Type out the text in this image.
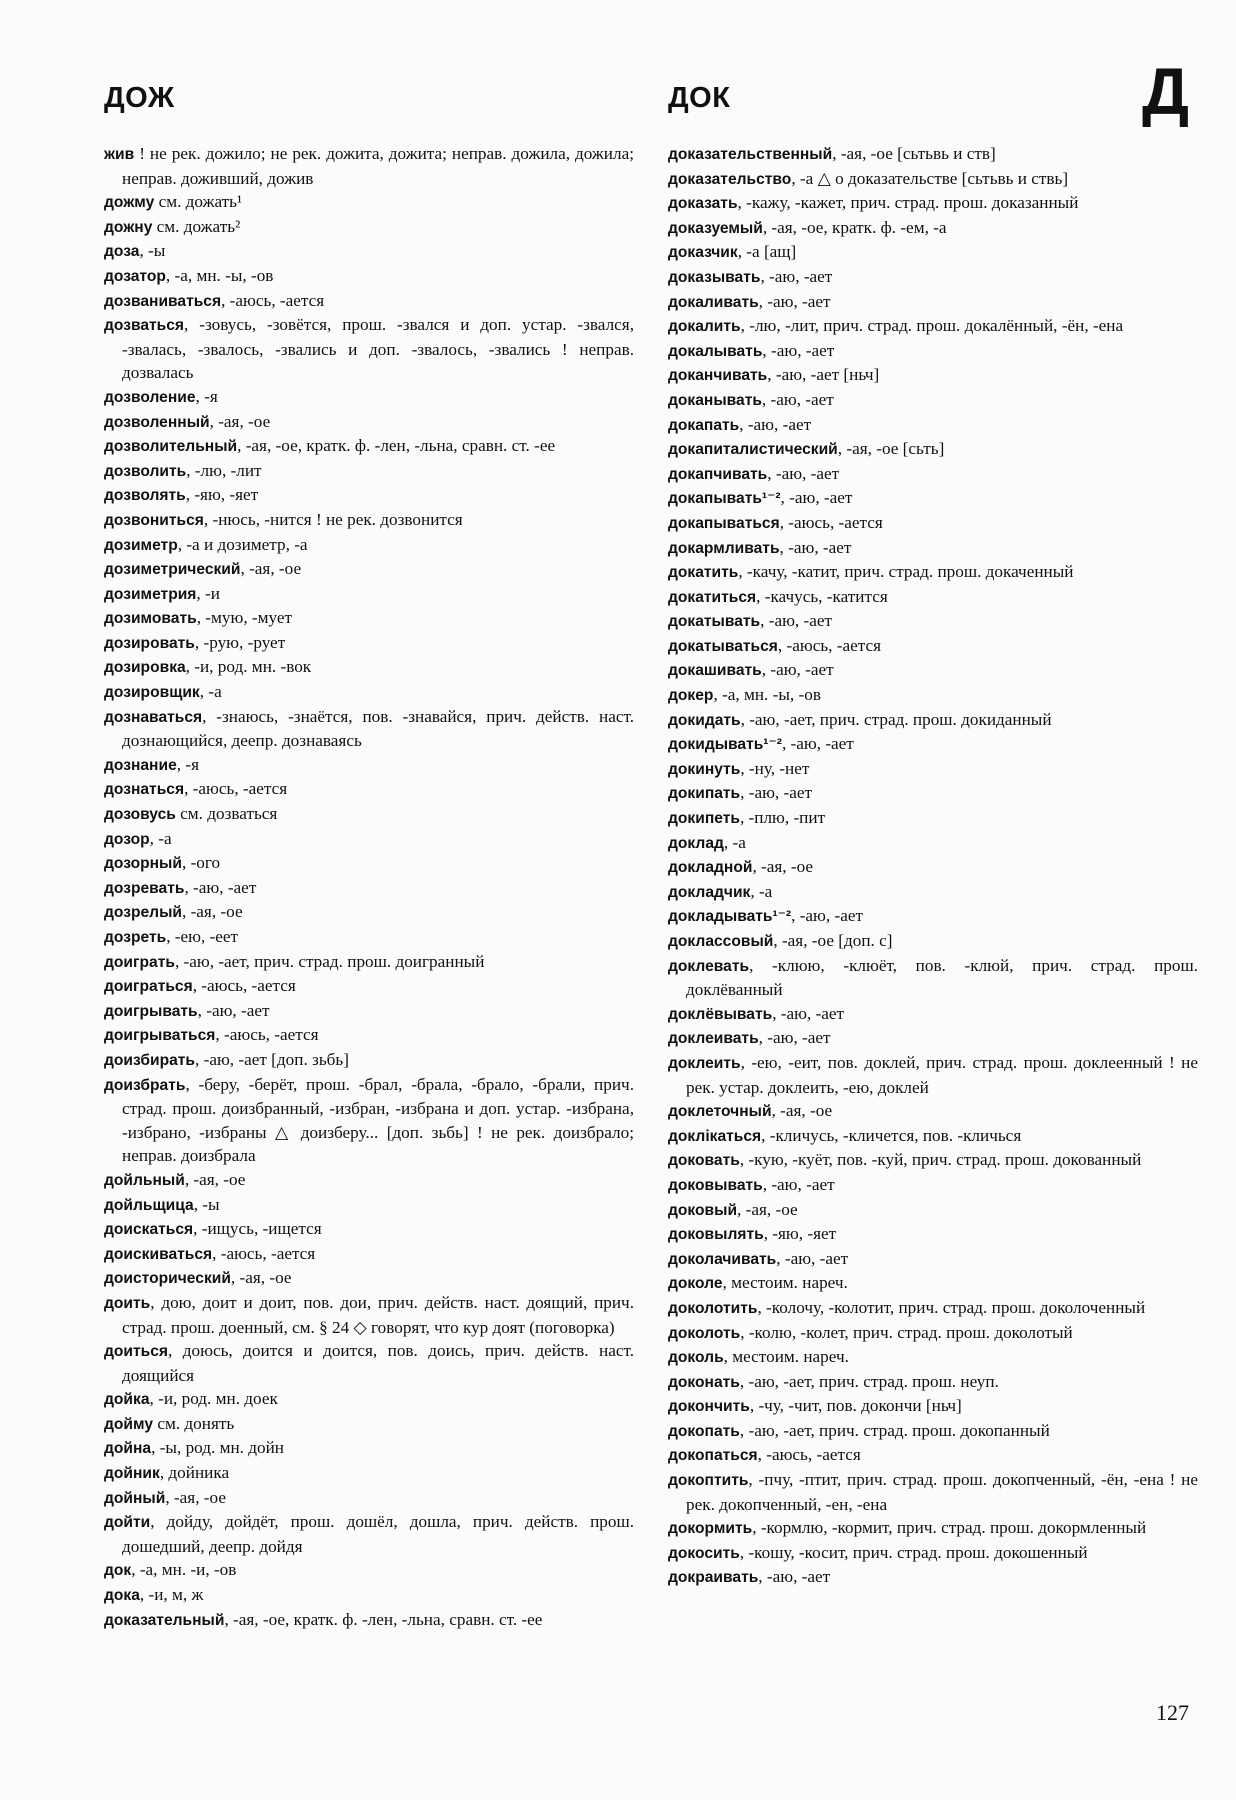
ДОЖ	ДОК	Д

жив ! не рек. дожило; не рек. дожита, дожита; неправ. дожила, дожила; неправ. доживший, дожив

дожму см. дожать¹

дожну см. дожать²

доза, -ы

дозатор, -а, мн. -ы, -ов

дозваниваться, -аюсь, -ается

дозваться, -зовусь, -зовётся, прош. -звался и доп. устар. -звался, -звалась, -звалось, -звались и доп. -звалось, -звались ! неправ. дозвалась

дозволение, -я

дозволенный, -ая, -ое

дозволительный, -ая, -ое, кратк. ф. -лен, -льна, сравн. ст. -ее

дозволить, -лю, -лит

дозволять, -яю, -яет

дозвониться, -нюсь, -нится ! не рек. дозвонится

дозиметр, -а и дозиметр, -а

дозиметрический, -ая, -ое

дозиметрия, -и

дозимовать, -мую, -мует

дозировать, -рую, -рует

дозировка, -и, род. мн. -вок

дозировщик, -а

дознаваться, -знаюсь, -знаётся, пов. -знавайся, прич. действ. наст. дознающийся, деепр. дознаваясь

дознание, -я

дознаться, -аюсь, -ается

дозовусь см. дозваться

дозор, -а

дозорный, -ого

дозревать, -аю, -ает

дозрелый, -ая, -ое

дозреть, -ею, -еет

доиграть, -аю, -ает, прич. страд. прош. доигранный

доиграться, -аюсь, -ается

доигрывать, -аю, -ает

доигрываться, -аюсь, -ается

доизбирать, -аю, -ает [доп. зьбь]

доизбрать, -беру, -берёт, прош. -брал, -брала, -брало, -брали, прич. страд. прош. доизбранный, -избран, -избрана и доп. устар. -избрана, -избрано, -избраны △ доизберу... [доп. зьбь] ! не рек. доизбрало; неправ. доизбрала

дойльный, -ая, -ое

дойльщица, -ы

доискаться, -ищусь, -ищется

доискиваться, -аюсь, -ается

доисторический, -ая, -ое

доить, дою, доит и доит, пов. дои, прич. действ. наст. доящий, прич. страд. прош. доенный, см. § 24 ◇ говорят, что кур доят (поговорка)

доиться, доюсь, доится и доится, пов. доись, прич. действ. наст. доящийся

дойка, -и, род. мн. доек

дойму см. донять

дойна, -ы, род. мн. дойн

дойник, дойника

дойный, -ая, -ое

дойти, дойду, дойдёт, прош. дошёл, дошла, прич. действ. прош. дошедший, деепр. дойдя

док, -а, мн. -и, -ов

дока, -и, м, ж

доказательный, -ая, -ое, кратк. ф. -лен, -льна, сравн. ст. -ее

доказательственный, -ая, -ое [сьтьвь и ств]

доказательство, -а △ о доказательстве [сьтьвь и ствь]

доказать, -кажу, -кажет, прич. страд. прош. доказанный

доказуемый, -ая, -ое, кратк. ф. -ем, -а

доказчик, -а [ащ]

доказывать, -аю, -ает

докаливать, -аю, -ает

докалить, -лю, -лит, прич. страд. прош. докалённый, -ён, -ена

докалывать, -аю, -ает

доканчивать, -аю, -ает [ньч]

доканывать, -аю, -ает

докапать, -аю, -ает

докапиталистический, -ая, -ое [сьть]

докапчивать, -аю, -ает

докапывать¹⁻², -аю, -ает

докапываться, -аюсь, -ается

докармливать, -аю, -ает

докатить, -качу, -катит, прич. страд. прош. докаченный

докатиться, -качусь, -катится

докатывать, -аю, -ает

докатываться, -аюсь, -ается

докашивать, -аю, -ает

докер, -а, мн. -ы, -ов

докидать, -аю, -ает, прич. страд. прош. докиданный

докидывать¹⁻², -аю, -ает

докинуть, -ну, -нет

докипать, -аю, -ает

докипеть, -плю, -пит

доклад, -а

докладной, -ая, -ое

докладчик, -а

докладывать¹⁻², -аю, -ает

докласcовый, -ая, -ое [доп. с]

доклевать, -клюю, -клюёт, пов. -клюй, прич. страд. прош. доклёванный

доклёвывать, -аю, -ает

доклеивать, -аю, -ает

доклеить, -ею, -еит, пов. доклей, прич. страд. прош. доклеенный ! не рек. устар. доклеить, -ею, доклей

доклеточный, -ая, -ое

доклікаться, -кличусь, -кличется, пов. -кличься

доковать, -кую, -куёт, пов. -куй, прич. страд. прош. докованный

доковывать, -аю, -ает

доковый, -ая, -ое

доковылять, -яю, -яет

доколачивать, -аю, -ает

доколе, местоим. нареч.

доколотить, -колочу, -колотит, прич. страд. прош. доколоченный

доколоть, -колю, -колет, прич. страд. прош. доколотый

доколь, местоим. нареч.

доконать, -аю, -ает, прич. страд. прош. неуп.

докончить, -чу, -чит, пов. докончи [ньч]

докопать, -аю, -ает, прич. страд. прош. докопанный

докопаться, -аюсь, -ается

докоптить, -пчу, -птит, прич. страд. прош. докопченный, -ён, -ена ! не рек. докопченный, -ен, -ена

докормить, -кормлю, -кормит, прич. страд. прош. докормленный

докосить, -кошу, -косит, прич. страд. прош. докошенный

докраивать, -аю, -ает

127
